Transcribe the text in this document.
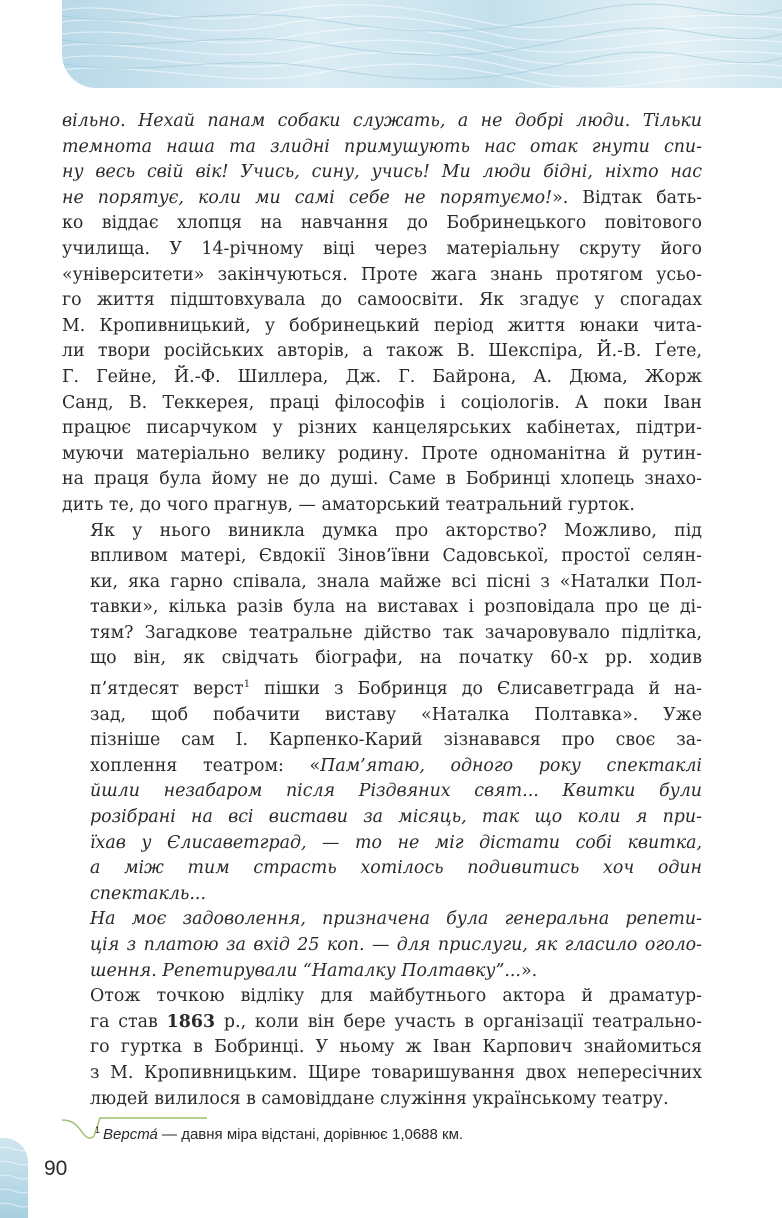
вільно. Нехай панам собаки служать, а не добрі люди. Тільки
темнота наша та злидні примушують нас отак гнути спи-
ну весь свій вік! Учись, сину, учись! Ми люди бідні, ніхто нас
не порятує, коли ми самі себе не порятуємо!». Відтак бать-
ко віддає хлопця на навчання до Бобринецького повітового
училища. У 14-річному віці через матеріальну скруту його
«університети» закінчуються. Проте жага знань протягом усьо-
го життя підштовхувала до самоосвіти. Як згадує у спогадах
М. Кропивницький, у бобринецький період життя юнаки чита-
ли твори російських авторів, а також В. Шекспіра, Й.-В. Ґете,
Г. Гейне, Й.-Ф. Шиллера, Дж. Г. Байрона, А. Дюма, Жорж
Санд, В. Теккерея, праці філософів і соціологів. А поки Іван
працює писарчуком у різних канцелярських кабінетах, підтри-
муючи матеріально велику родину. Проте одноманітна й рутин-
на праця була йому не до душі. Саме в Бобринці хлопець знахо-
дить те, до чого прагнув, — аматорський театральний гурток.

Як у нього виникла думка про акторство? Можливо, під
впливом матері, Євдокії Зінов’ївни Садовської, простої селян-
ки, яка гарно співала, знала майже всі пісні з «Наталки Пол-
тавки», кілька разів була на виставах і розповідала про це ді-
тям? Загадкове театральне дійство так зачаровувало підлітка,
що він, як свідчать біографи, на початку 60-х рр. ходив
п’ятдесят верст$^1$ пішки з Бобринця до Єлисаветграда й на-
зад, щоб побачити виставу «Наталка Полтавка». Уже
пізніше сам І. Карпенко-Карий зізнавався про своє за-
хоплення театром: «Пам’ятаю, одного року спектаклі
йшли незабаром після Різдвяних свят... Квитки були
розібрані на всі вистави за місяць, так що коли я при-
їхав у Єлисаветград, — то не міг дістати собі квитка,
а між тим страсть хотілось подивитись хоч один
спектакль...

На моє задоволення, призначена була генеральна репети-
ція з платою за вхід 25 коп. — для прислуги, як гласило оголо-
шення. Репетирували “Наталку Полтавку”...».

Отож точкою відліку для майбутнього актора й драматур-
га став 1863 р., коли він бере участь в організації театрально-
го гуртка в Бобринці. У ньому ж Іван Карпович знайомиться
з М. Кропивницьким. Щире товаришування двох непересічних
людей вилилося в самовіддане служіння українському театру.

$^1$ Верста́ — давня міра відстані, дорівнює 1,0688 км.
90
